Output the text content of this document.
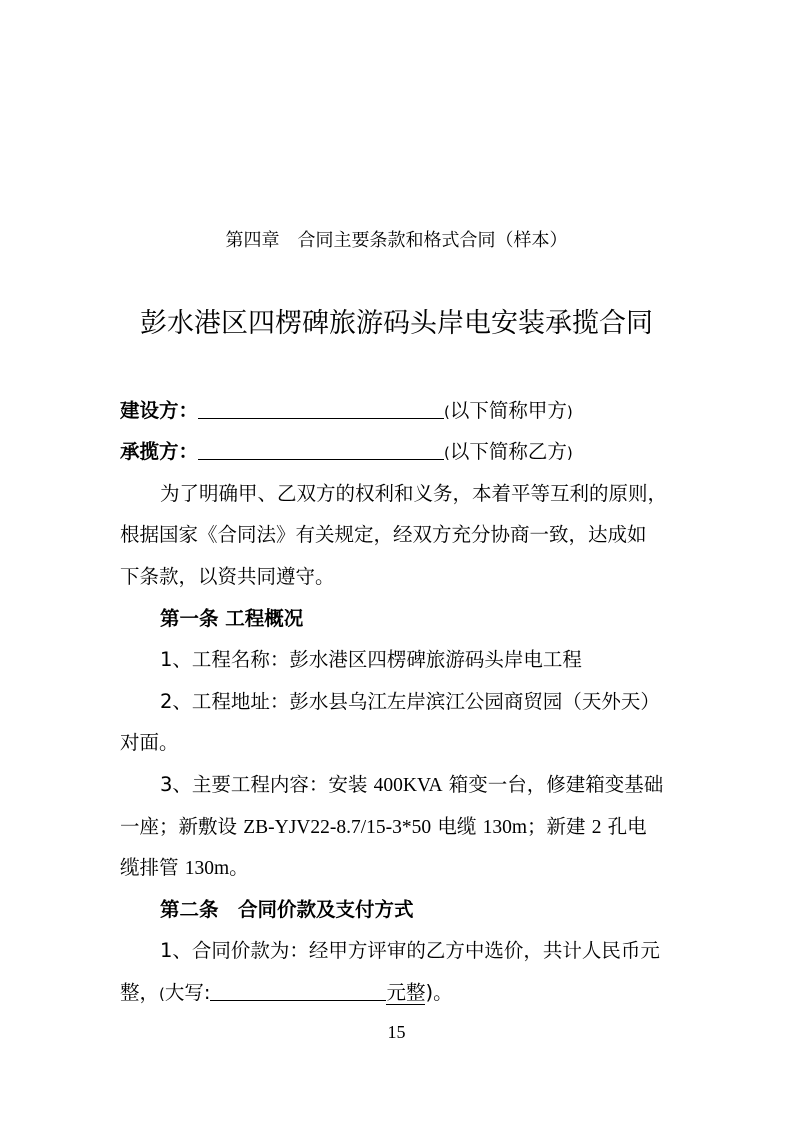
第四章　合同主要条款和格式合同（样本）
彭水港区四楞碑旅游码头岸电安装承揽合同
建设方：	(以下简称甲方)
承揽方：	(以下简称乙方)
为了明确甲、乙双方的权利和义务，本着平等互利的原则，
根据国家《合同法》有关规定，经双方充分协商一致，达成如
下条款，以资共同遵守。
第一条 工程概况
1、工程名称：彭水港区四楞碑旅游码头岸电工程
2、工程地址：彭水县乌江左岸滨江公园商贸园（天外天）
对面。
3、主要工程内容：安装 400KVA 箱变一台，修建箱变基础
一座；新敷设 ZB-YJV22-8.7/15-3*50 电缆 130m；新建 2 孔电
缆排管 130m。
第二条　合同价款及支付方式
1、合同价款为：经甲方评审的乙方中选价，共计人民币元
整，(大写:	元整)。
15
